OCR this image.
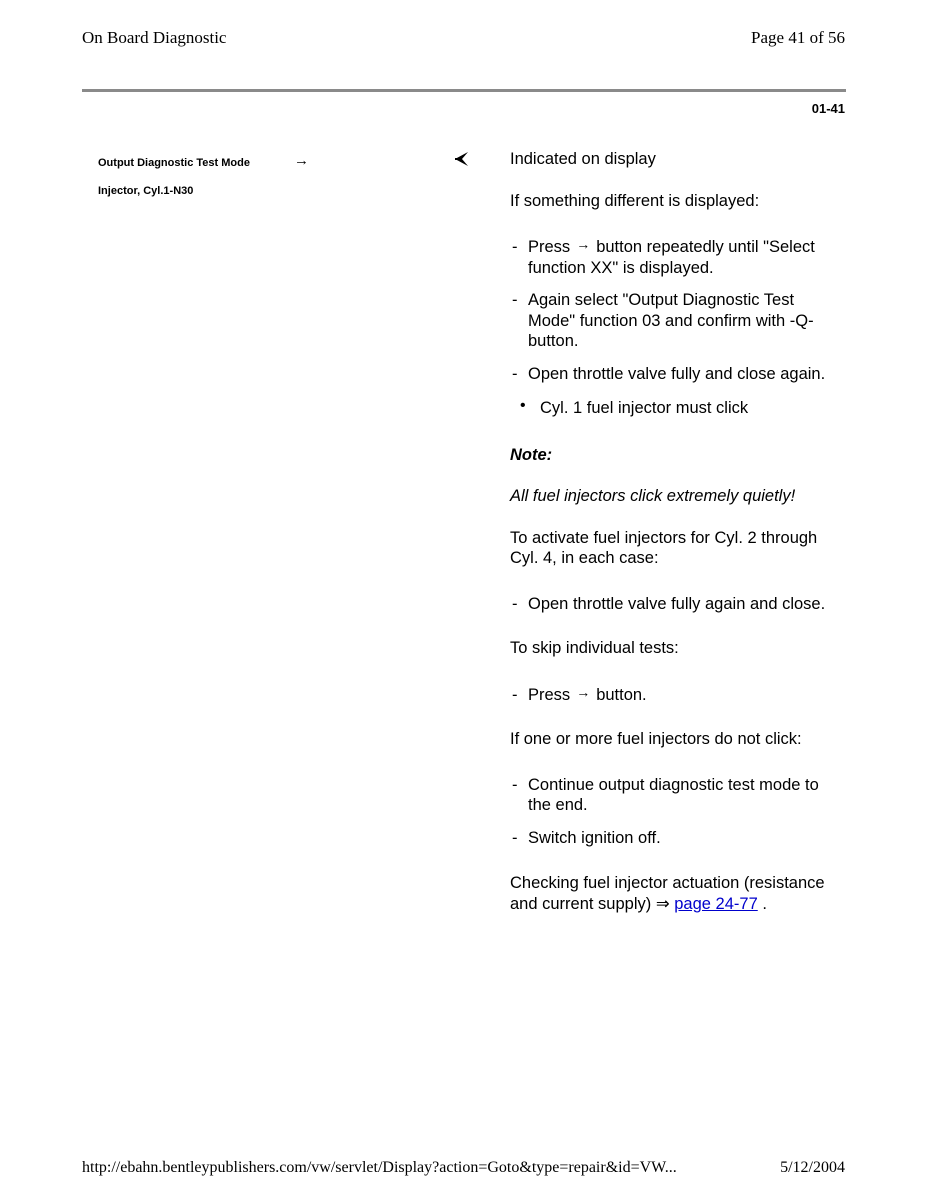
On Board Diagnostic	Page 41 of 56
01-41
Output Diagnostic Test Mode	→
Injector, Cyl.1-N30

Indicated on display

If something different is displayed:

- Press → button repeatedly until "Select function XX" is displayed.
- Again select "Output Diagnostic Test Mode" function 03 and confirm with -Q- button.
- Open throttle valve fully and close again.
• Cyl. 1 fuel injector must click

Note:

All fuel injectors click extremely quietly!

To activate fuel injectors for Cyl. 2 through Cyl. 4, in each case:

- Open throttle valve fully again and close.

To skip individual tests:

- Press → button.

If one or more fuel injectors do not click:

- Continue output diagnostic test mode to the end.
- Switch ignition off.

Checking fuel injector actuation (resistance and current supply) ⇒ page 24-77 .

http://ebahn.bentleypublishers.com/vw/servlet/Display?action=Goto&type=repair&id=VW...	5/12/2004
